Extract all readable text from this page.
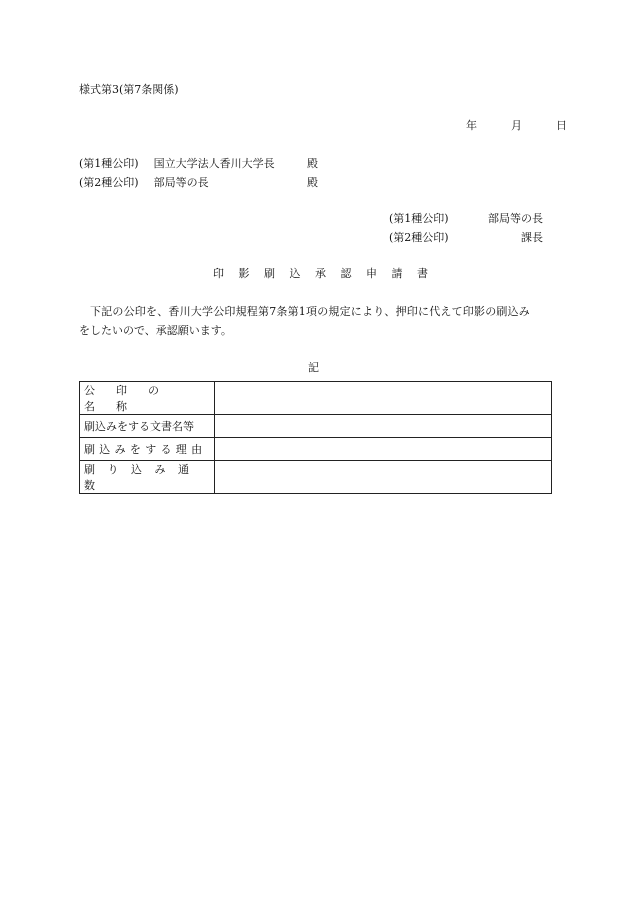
様式第3(第7条関係)
年	月	日
(第1種公印) 国立大学法人香川大学長	殿
(第2種公印) 部局等の長	殿
(第1種公印)	部局等の長
(第2種公印)	課長
印影刷込承認申請書
下記の公印を、香川大学公印規程第7条第1項の規定により、押印に代えて印影の刷込み
をしたいので、承認願います。
記
公印の名称	
刷込みをする文書名等	
刷込みをする理由	
刷り込み通数	
